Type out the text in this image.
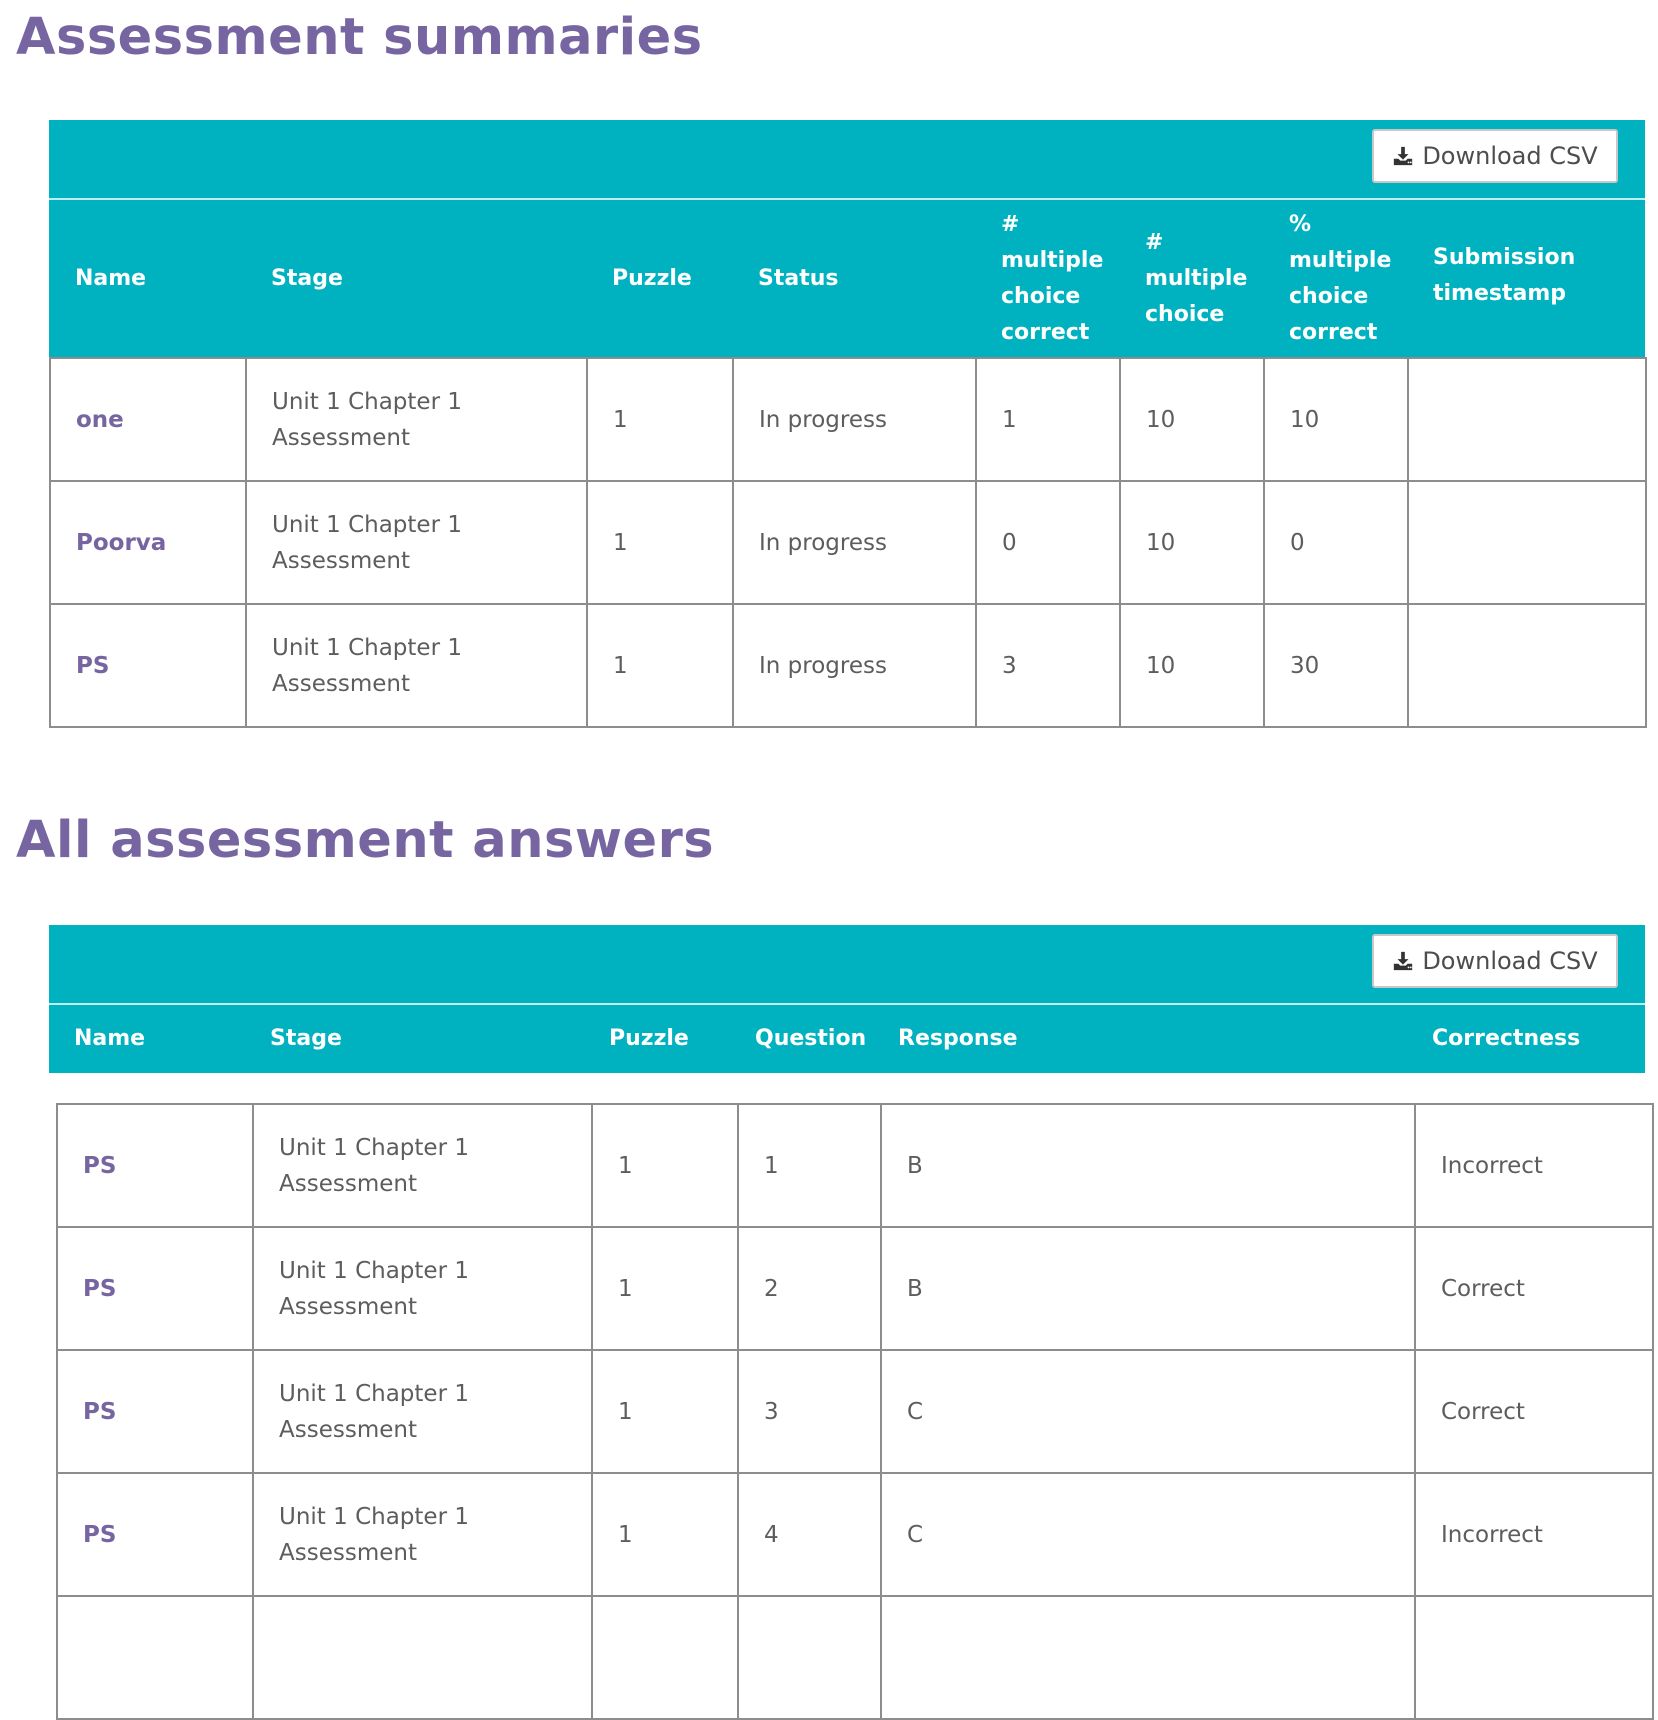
Assessment summaries
Download CSV
Name	Stage	Puzzle	Status	# multiple choice correct	# multiple choice	% multiple choice correct	Submission timestamp
one	Unit 1 Chapter 1 Assessment	1	In progress	1	10	10	
Poorva	Unit 1 Chapter 1 Assessment	1	In progress	0	10	0	
PS	Unit 1 Chapter 1 Assessment	1	In progress	3	10	30	
All assessment answers
Download CSV
Name	Stage	Puzzle	Question	Response	Correctness
PS	Unit 1 Chapter 1 Assessment	1	1	B	Incorrect
PS	Unit 1 Chapter 1 Assessment	1	2	B	Correct
PS	Unit 1 Chapter 1 Assessment	1	3	C	Correct
PS	Unit 1 Chapter 1 Assessment	1	4	C	Incorrect
